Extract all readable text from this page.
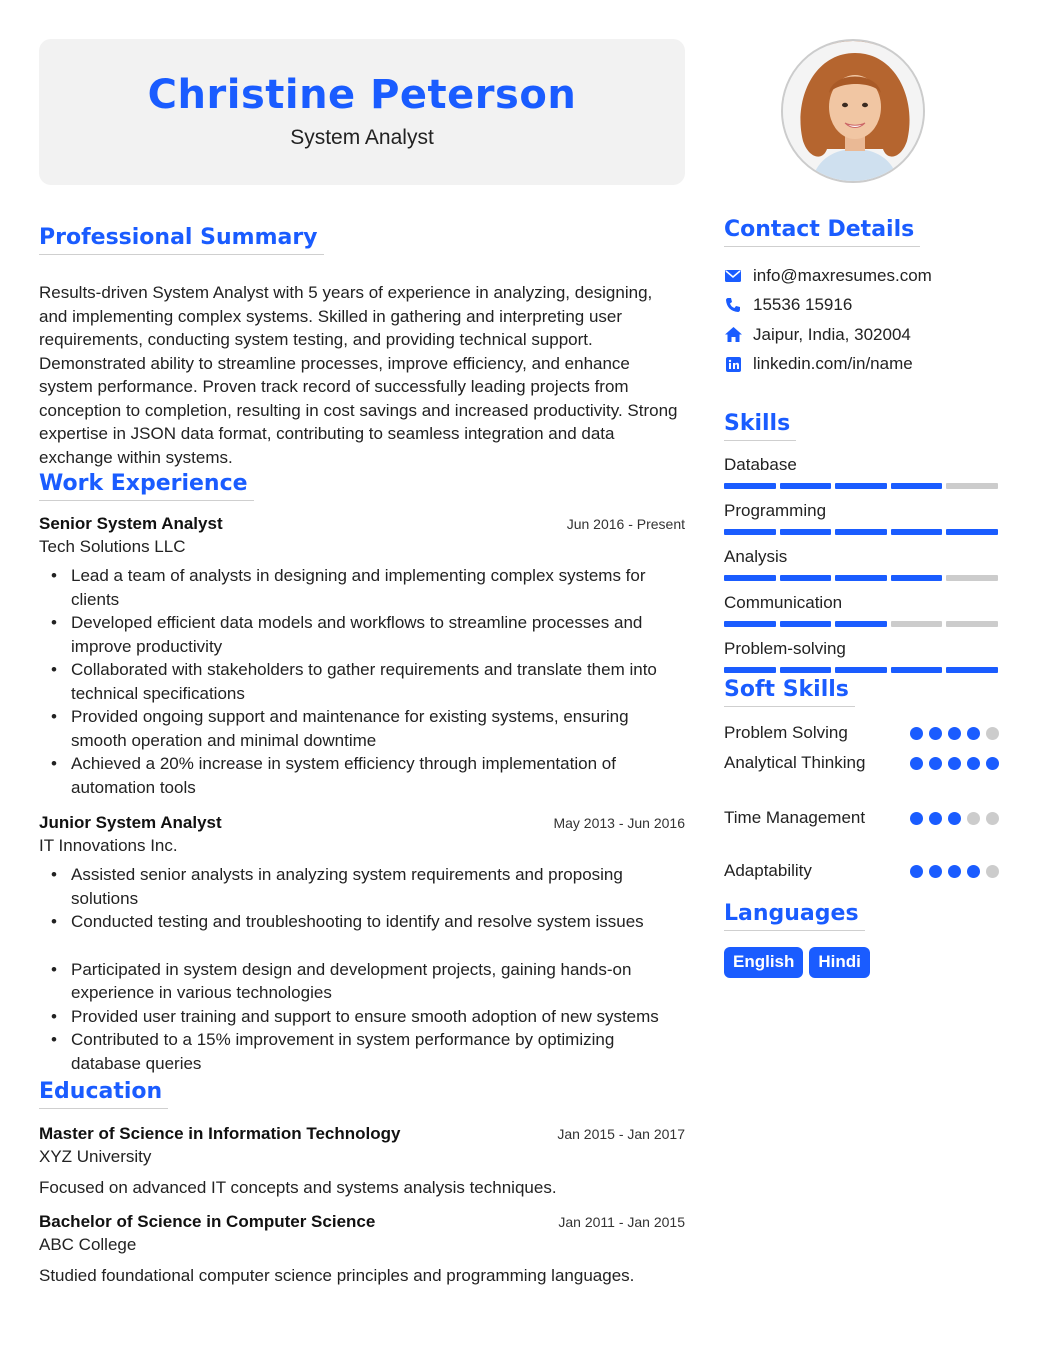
Christine Peterson
System Analyst
Professional Summary

Results-driven System Analyst with 5 years of experience in analyzing, designing, and implementing complex systems. Skilled in gathering and interpreting user requirements, conducting system testing, and providing technical support. Demonstrated ability to streamline processes, improve efficiency, and enhance system performance. Proven track record of successfully leading projects from conception to completion, resulting in cost savings and increased productivity. Strong expertise in JSON data format, contributing to seamless integration and data exchange within systems.

Work Experience
Senior System Analyst	Jun 2016 - Present
Tech Solutions LLC
• Lead a team of analysts in designing and implementing complex systems for clients
• Developed efficient data models and workflows to streamline processes and improve productivity
• Collaborated with stakeholders to gather requirements and translate them into technical specifications
• Provided ongoing support and maintenance for existing systems, ensuring smooth operation and minimal downtime
• Achieved a 20% increase in system efficiency through implementation of automation tools
Junior System Analyst	May 2013 - Jun 2016
IT Innovations Inc.
• Assisted senior analysts in analyzing system requirements and proposing solutions
• Conducted testing and troubleshooting to identify and resolve system issues
• Participated in system design and development projects, gaining hands-on experience in various technologies
• Provided user training and support to ensure smooth adoption of new systems
• Contributed to a 15% improvement in system performance by optimizing database queries
Education
Master of Science in Information Technology	Jan 2015 - Jan 2017
XYZ University
Focused on advanced IT concepts and systems analysis techniques.
Bachelor of Science in Computer Science	Jan 2011 - Jan 2015
ABC College
Studied foundational computer science principles and programming languages.
Contact Details
info@maxresumes.com
15536 15916
Jaipur, India, 302004
linkedin.com/in/name
Skills
Database
Programming
Analysis
Communication
Problem-solving
Soft Skills
Problem Solving
Analytical Thinking
Time Management
Adaptability
Languages
English	Hindi
